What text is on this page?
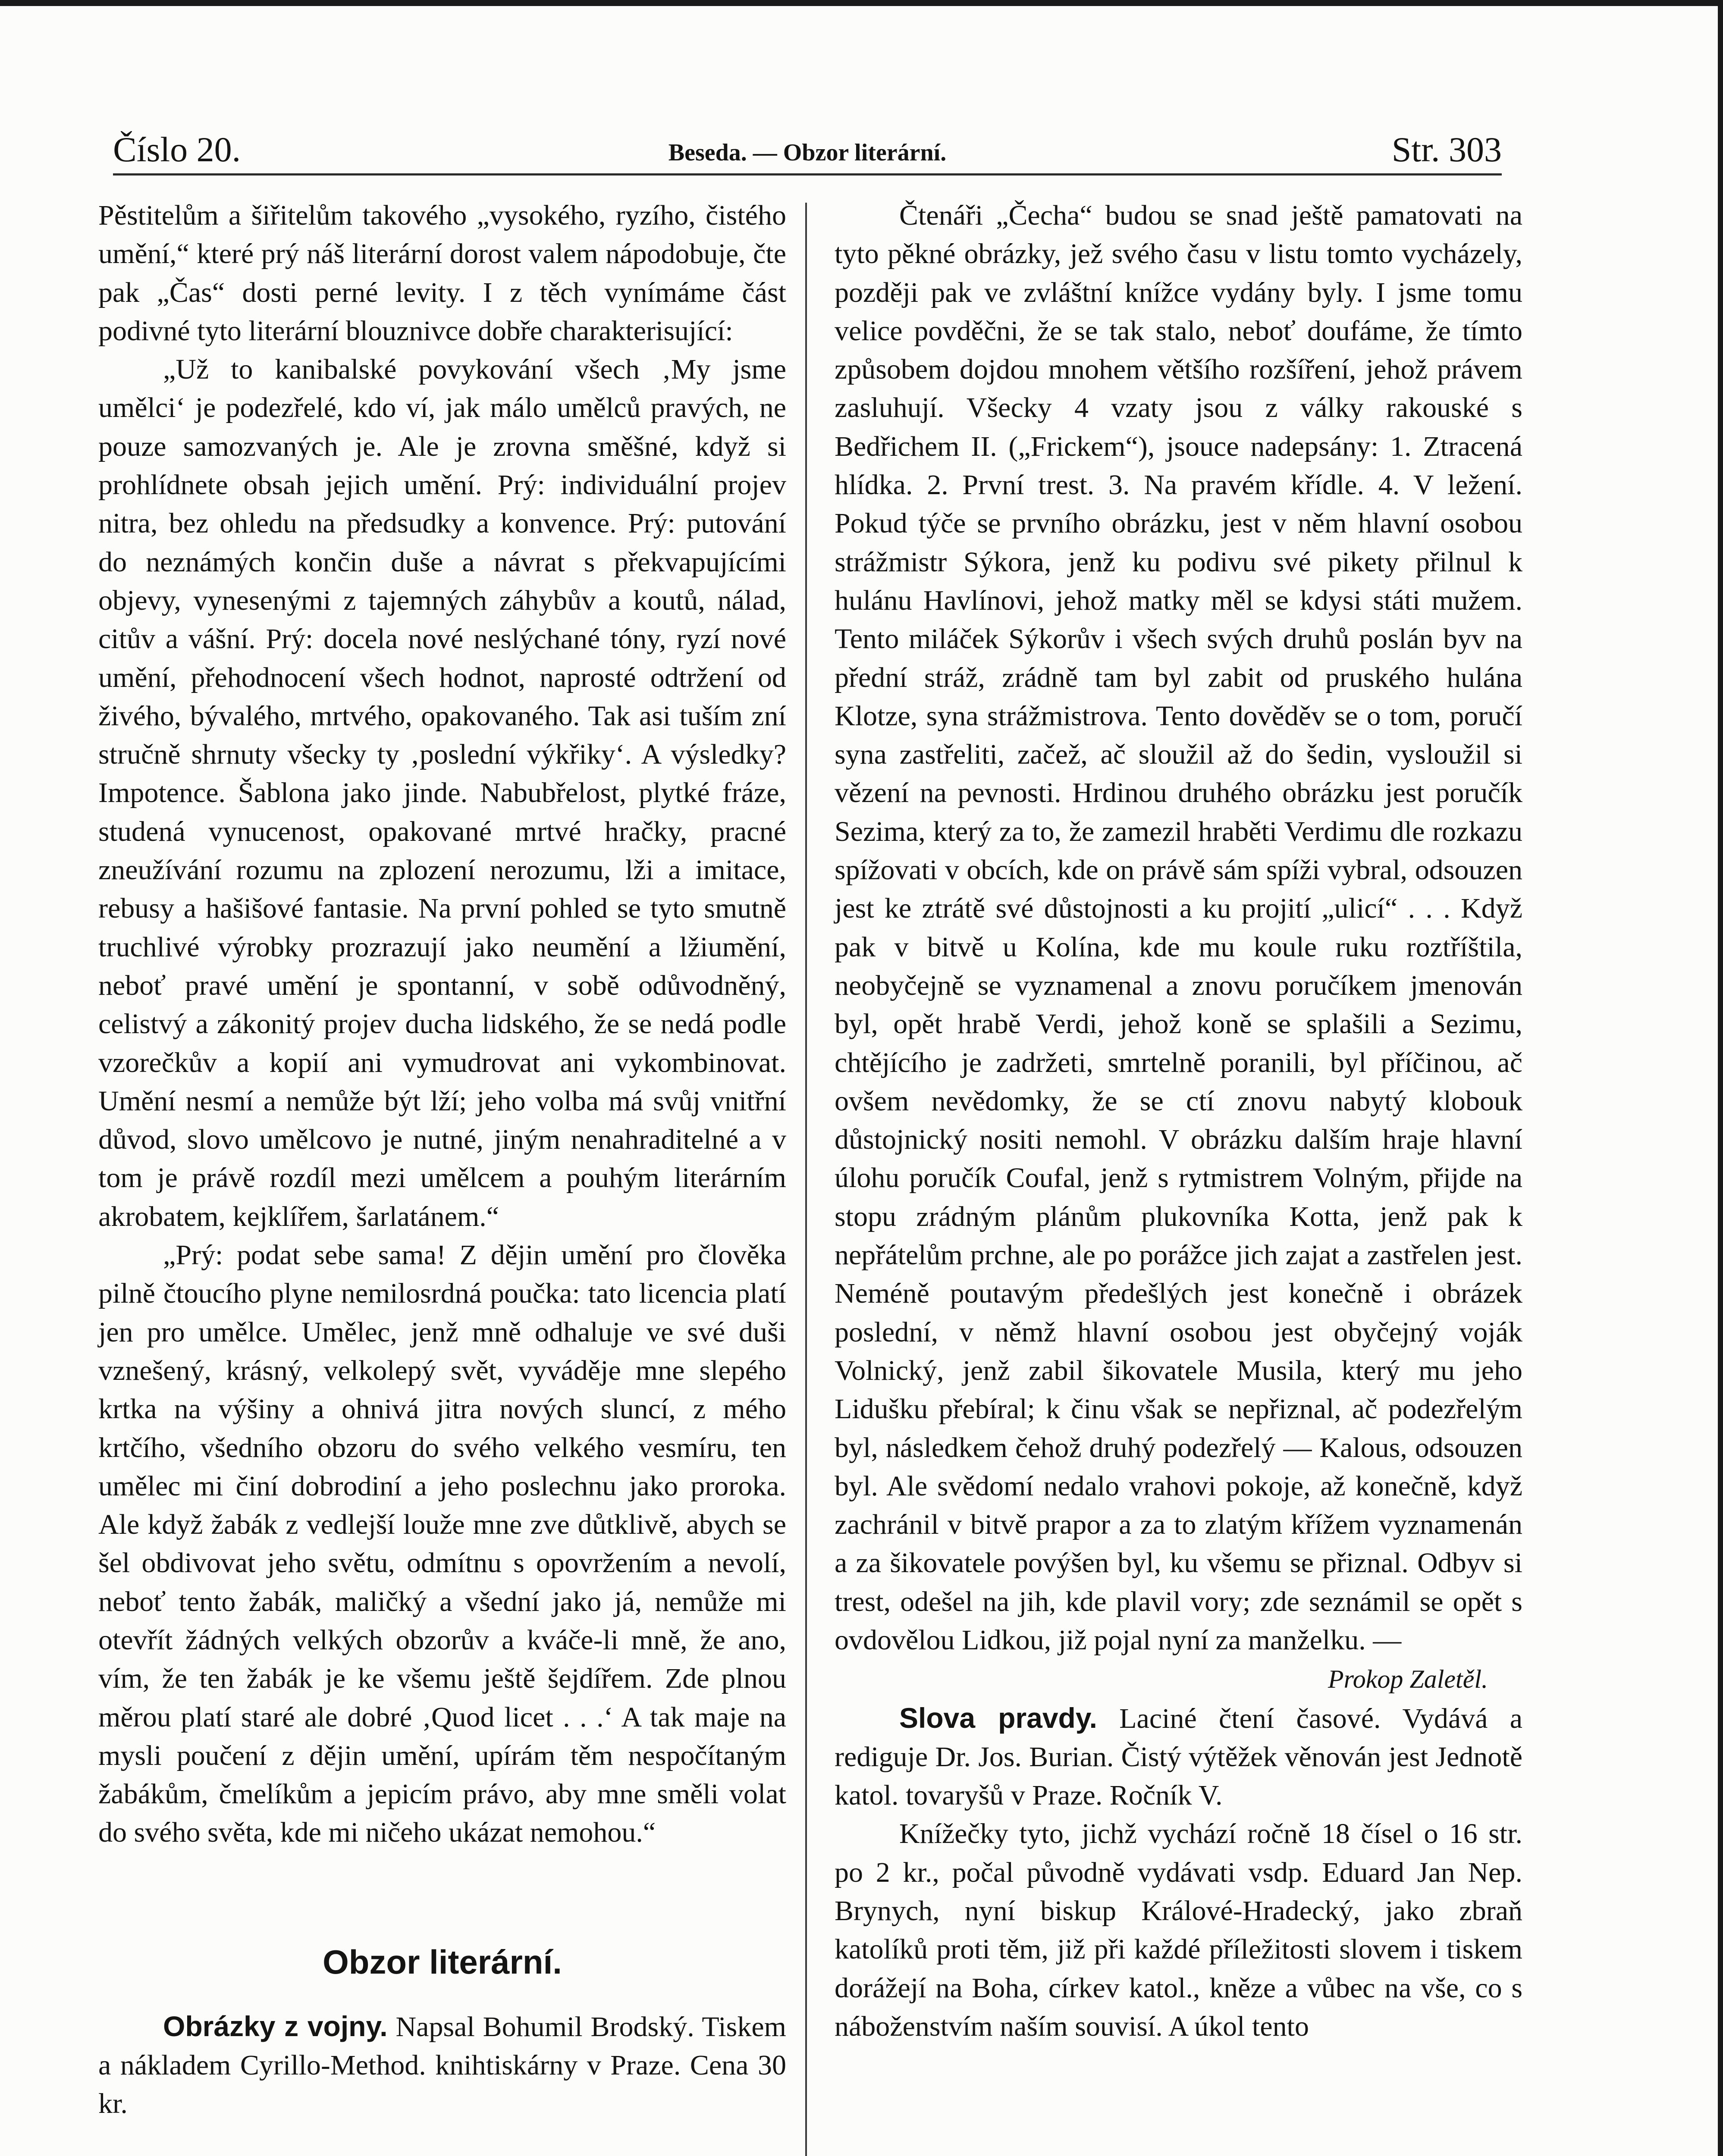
Číslo 20.	Beseda. — Obzor literární.	Str. 303

Pěstitelům a šiřitelům takového „vysokého, ryzího, čistého umění,“ které prý náš literární dorost valem nápodobuje, čte pak „Čas“ dosti perné levity. I z těch vynímáme část podivné tyto literární blouznivce dobře charakterisující:

„Už to kanibalské povykování všech ‚My jsme umělci‘ je podezřelé, kdo ví, jak málo umělců pravých, ne pouze samozvaných je. Ale je zrovna směšné, když si prohlídnete obsah jejich umění. Prý: individuální projev nitra, bez ohledu na předsudky a konvence. Prý: putování do neznámých končin duše a návrat s překvapujícími objevy, vynesenými z tajemných záhybův a koutů, nálad, citův a vášní. Prý: docela nové neslýchané tóny, ryzí nové umění, přehodnocení všech hodnot, naprosté odtržení od živého, bývalého, mrtvého, opakovaného. Tak asi tuším zní stručně shrnuty všecky ty ‚poslední výkřiky‘. A výsledky? Impotence. Šablona jako jinde. Nabubřelost, plytké fráze, studená vynucenost, opakované mrtvé hračky, pracné zneužívání rozumu na zplození nerozumu, lži a imitace, rebusy a hašišové fantasie. Na první pohled se tyto smutně truchlivé výrobky prozrazují jako neumění a lžiumění, neboť pravé umění je spontanní, v sobě odůvodněný, celistvý a zákonitý projev ducha lidského, že se nedá podle vzorečkův a kopií ani vymudrovat ani vykombinovat. Umění nesmí a nemůže být lží; jeho volba má svůj vnitřní důvod, slovo umělcovo je nutné, jiným nenahraditelné a v tom je právě rozdíl mezi umělcem a pouhým literárním akrobatem, kejklířem, šarlatánem.“

„Prý: podat sebe sama! Z dějin umění pro člověka pilně čtoucího plyne nemilosrdná poučka: tato licencia platí jen pro umělce. Umělec, jenž mně odhaluje ve své duši vznešený, krásný, velkolepý svět, vyváděje mne slepého krtka na výšiny a ohnivá jitra nových sluncí, z mého krtčího, všedního obzoru do svého velkého vesmíru, ten umělec mi činí dobrodiní a jeho poslechnu jako proroka. Ale když žabák z vedlejší louže mne zve důtklivě, abych se šel obdivovat jeho světu, odmítnu s opovržením a nevolí, neboť tento žabák, maličký a všední jako já, nemůže mi otevřít žádných velkých obzorův a kváče-li mně, že ano, vím, že ten žabák je ke všemu ještě šejdířem. Zde plnou měrou platí staré ale dobré ‚Quod licet . . .‘ A tak maje na mysli poučení z dějin umění, upírám těm nespočítaným žabákům, čmelíkům a jepicím právo, aby mne směli volat do svého světa, kde mi ničeho ukázat nemohou.“

Obzor literární.

Obrázky z vojny. Napsal Bohumil Brodský. Tiskem a nákladem Cyrillo-Method. knihtiskárny v Praze. Cena 30 kr.

Čtenáři „Čecha“ budou se snad ještě pamatovati na tyto pěkné obrázky, jež svého času v listu tomto vycházely, později pak ve zvláštní knížce vydány byly. I jsme tomu velice povděčni, že se tak stalo, neboť doufáme, že tímto způsobem dojdou mnohem většího rozšíření, jehož právem zasluhují. Všecky 4 vzaty jsou z války rakouské s Bedřichem II. („Frickem“), jsouce nadepsány: 1. Ztracená hlídka. 2. První trest. 3. Na pravém křídle. 4. V ležení. Pokud týče se prvního obrázku, jest v něm hlavní osobou strážmistr Sýkora, jenž ku podivu své pikety přilnul k hulánu Havlínovi, jehož matky měl se kdysi státi mužem. Tento miláček Sýkorův i všech svých druhů poslán byv na přední stráž, zrádně tam byl zabit od pruského hulána Klotze, syna strážmistrova. Tento dověděv se o tom, poručí syna zastřeliti, začež, ač sloužil až do šedin, vysloužil si vězení na pevnosti. Hrdinou druhého obrázku jest poručík Sezima, který za to, že zamezil hraběti Verdimu dle rozkazu spížovati v obcích, kde on právě sám spíži vybral, odsouzen jest ke ztrátě své důstojnosti a ku projití „ulicí“ . . . Když pak v bitvě u Kolína, kde mu koule ruku roztříštila, neobyčejně se vyznamenal a znovu poručíkem jmenován byl, opět hrabě Verdi, jehož koně se splašili a Sezimu, chtějícího je zadržeti, smrtelně poranili, byl příčinou, ač ovšem nevědomky, že se ctí znovu nabytý klobouk důstojnický nositi nemohl. V obrázku dalším hraje hlavní úlohu poručík Coufal, jenž s rytmistrem Volným, přijde na stopu zrádným plánům plukovníka Kotta, jenž pak k nepřátelům prchne, ale po porážce jich zajat a zastřelen jest. Neméně poutavým předešlých jest konečně i obrázek poslední, v němž hlavní osobou jest obyčejný voják Volnický, jenž zabil šikovatele Musila, který mu jeho Lidušku přebíral; k činu však se nepřiznal, ač podezřelým byl, následkem čehož druhý podezřelý — Kalous, odsouzen byl. Ale svědomí nedalo vrahovi pokoje, až konečně, když zachránil v bitvě prapor a za to zlatým křížem vyznamenán a za šikovatele povýšen byl, ku všemu se přiznal. Odbyv si trest, odešel na jih, kde plavil vory; zde seznámil se opět s ovdovělou Lidkou, již pojal nyní za manželku. —

Prokop Zaletěl.

Slova pravdy. Laciné čtení časové. Vydává a rediguje Dr. Jos. Burian. Čistý výtěžek věnován jest Jednotě katol. tovaryšů v Praze. Ročník V.

Knížečky tyto, jichž vychází ročně 18 čísel o 16 str. po 2 kr., počal původně vydávati vsdp. Eduard Jan Nep. Brynych, nyní biskup Králové-Hradecký, jako zbraň katolíků proti těm, již při každé příležitosti slovem i tiskem dorážejí na Boha, církev katol., kněze a vůbec na vše, co s náboženstvím naším souvisí. A úkol tento
